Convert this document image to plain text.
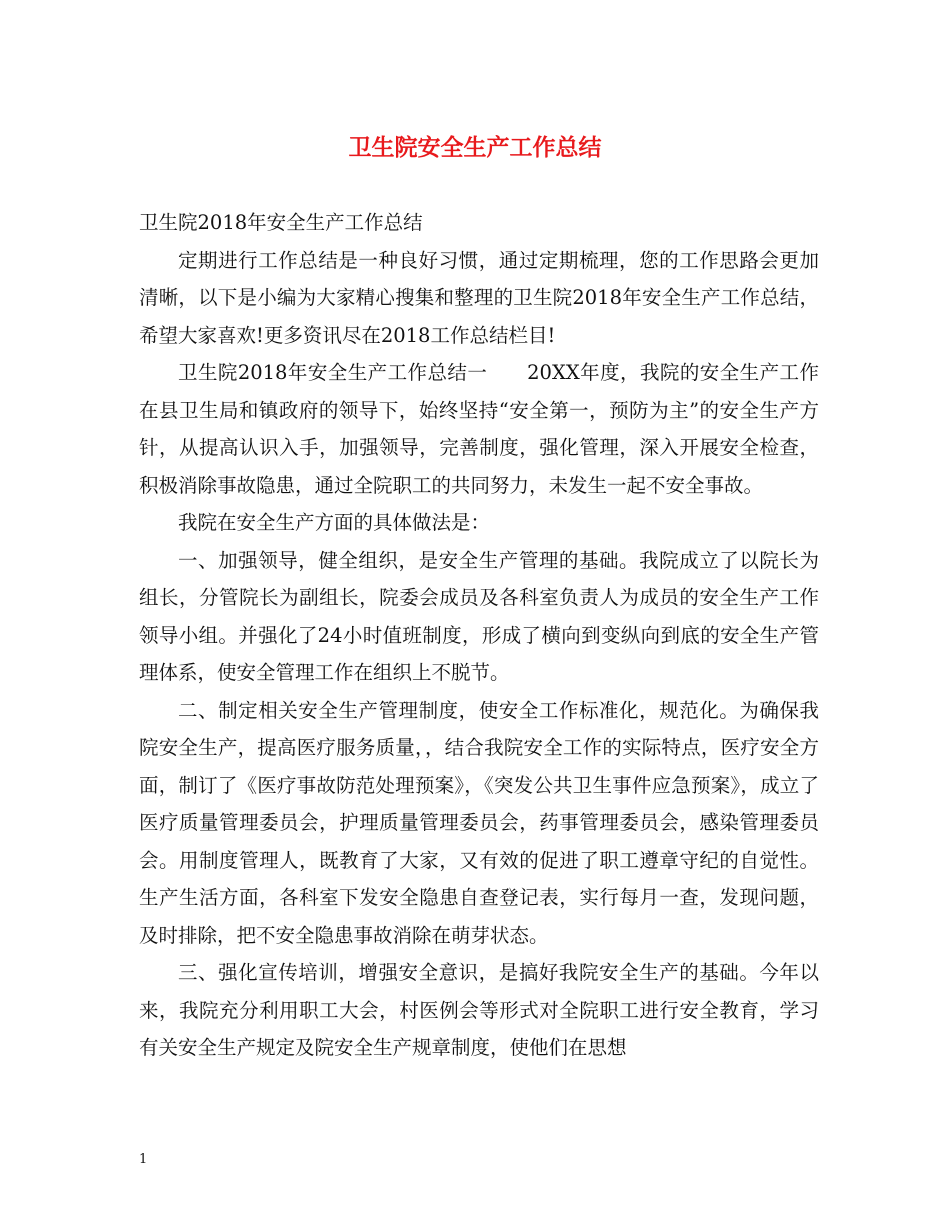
卫生院安全生产工作总结

卫生院2018年安全生产工作总结

定期进行工作总结是一种良好习惯，通过定期梳理，您的工作思路会更加清晰，以下是小编为大家精心搜集和整理的卫生院2018年安全生产工作总结，希望大家喜欢!更多资讯尽在2018工作总结栏目!

卫生院2018年安全生产工作总结一　　20XX年度，我院的安全生产工作在县卫生局和镇政府的领导下，始终坚持“安全第一，预防为主”的安全生产方针，从提高认识入手，加强领导，完善制度，强化管理，深入开展安全检查，积极消除事故隐患，通过全院职工的共同努力，未发生一起不安全事故。

我院在安全生产方面的具体做法是：

一、加强领导，健全组织，是安全生产管理的基础。我院成立了以院长为组长，分管院长为副组长，院委会成员及各科室负责人为成员的安全生产工作领导小组。并强化了24小时值班制度，形成了横向到变纵向到底的安全生产管理体系，使安全管理工作在组织上不脱节。

二、制定相关安全生产管理制度，使安全工作标准化，规范化。为确保我院安全生产，提高医疗服务质量，，结合我院安全工作的实际特点，医疗安全方面，制订了《医疗事故防范处理预案》，《突发公共卫生事件应急预案》，成立了医疗质量管理委员会，护理质量管理委员会，药事管理委员会，感染管理委员会。用制度管理人，既教育了大家，又有效的促进了职工遵章守纪的自觉性。生产生活方面，各科室下发安全隐患自查登记表，实行每月一查，发现问题，及时排除，把不安全隐患事故消除在萌芽状态。

三、强化宣传培训，增强安全意识，是搞好我院安全生产的基础。今年以来，我院充分利用职工大会，村医例会等形式对全院职工进行安全教育，学习有关安全生产规定及院安全生产规章制度，使他们在思想

1
